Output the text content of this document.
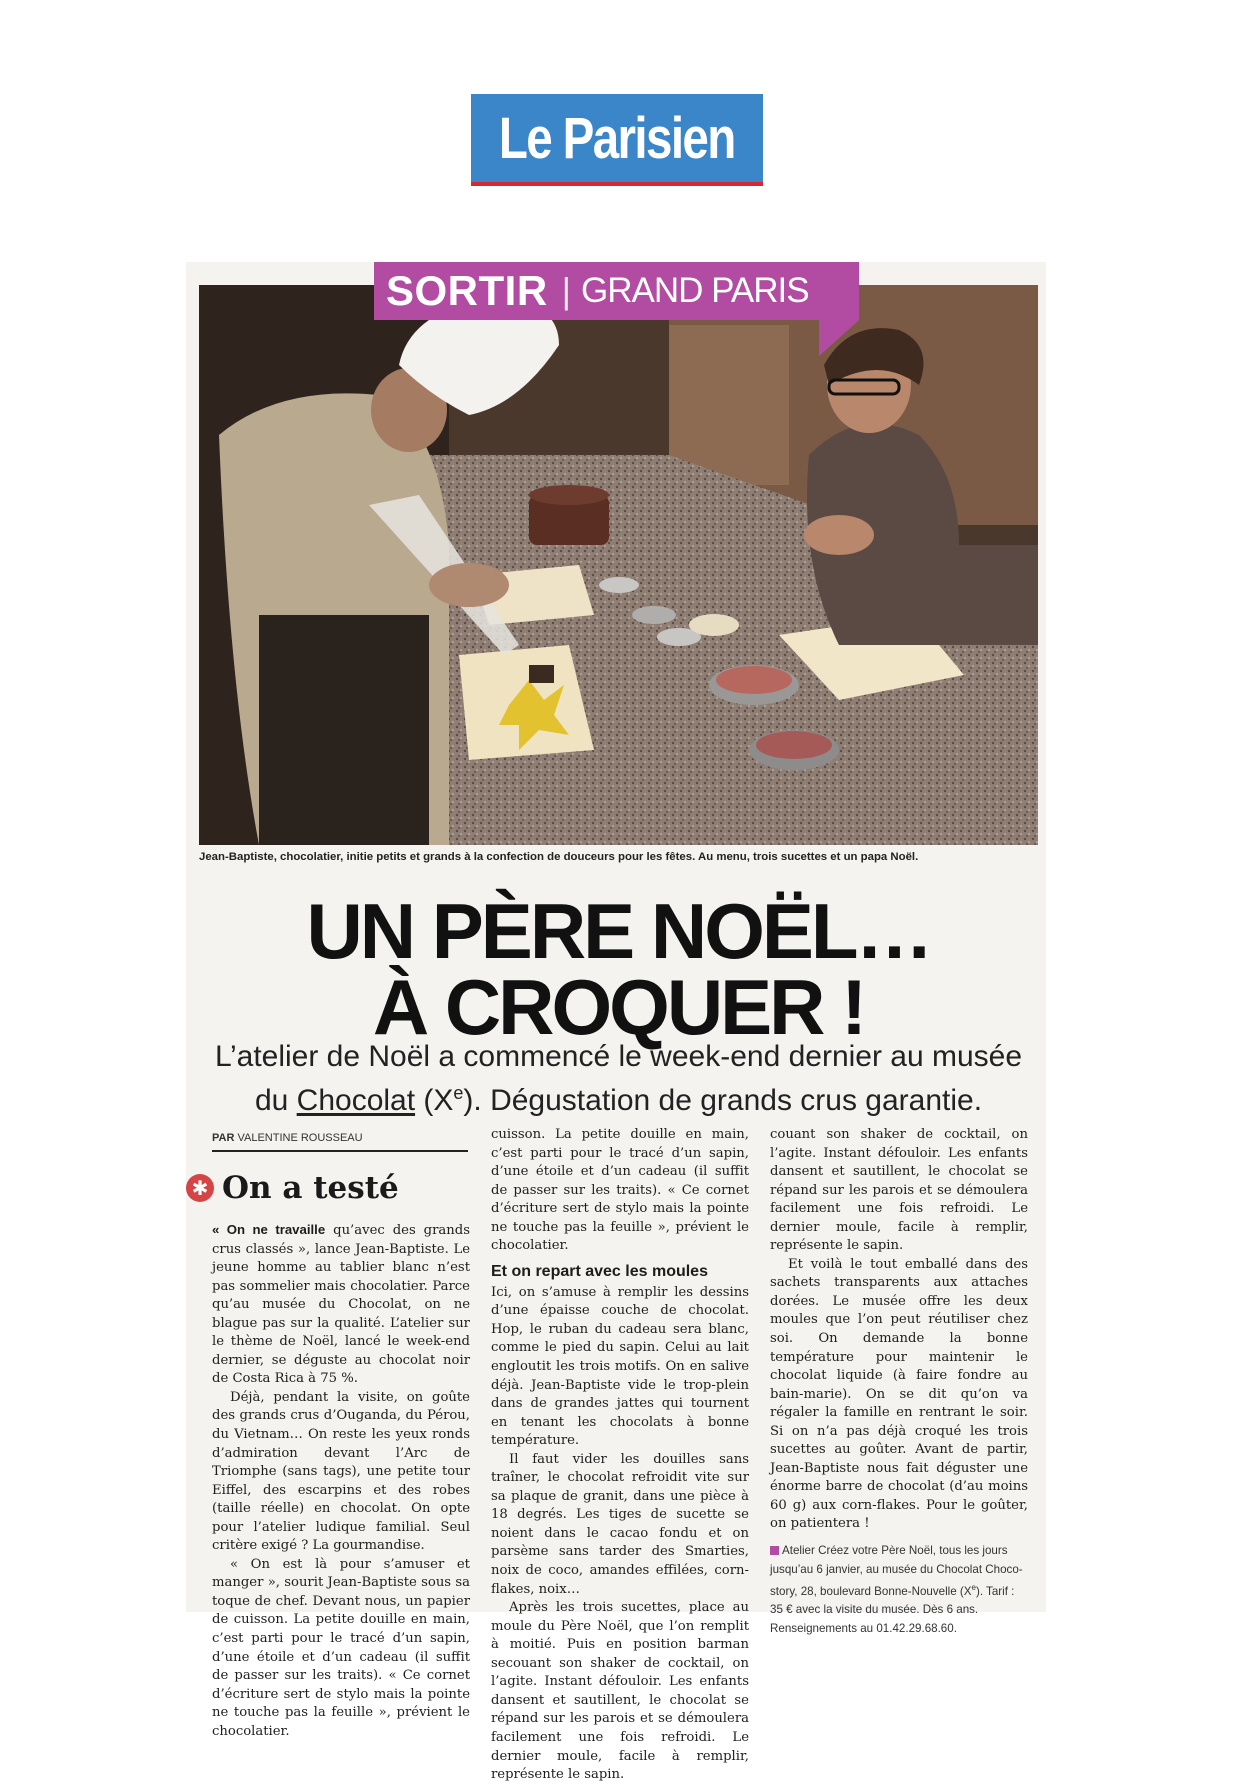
Le Parisien
SORTIR | GRAND PARIS
Jean-Baptiste, chocolatier, initie petits et grands à la confection de douceurs pour les fêtes. Au menu, trois sucettes et un papa Noël.
UN PÈRE NOËL…
À CROQUER !
L’atelier de Noël a commencé le week-end dernier au musée
du Chocolat (Xe). Dégustation de grands crus garantie.
PAR VALENTINE ROUSSEAU
✱ On a testé

« On ne travaille qu’avec des grands crus classés », lance Jean-Baptiste. Le jeune homme au tablier blanc n’est pas sommelier mais chocolatier. Parce qu’au musée du Chocolat, on ne blague pas sur la qualité. L’atelier sur le thème de Noël, lancé le week-end dernier, se déguste au chocolat noir de Costa Rica à 75 %.

Déjà, pendant la visite, on goûte des grands crus d’Ouganda, du Pérou, du Vietnam… On reste les yeux ronds d’admiration devant l’Arc de Triomphe (sans tags), une petite tour Eiffel, des escarpins et des robes (taille réelle) en chocolat. On opte pour l’atelier ludique familial. Seul critère exigé ? La gourmandise.

« On est là pour s’amuser et manger », sourit Jean-Baptiste sous sa toque de chef. Devant nous, un papier de cuisson. La petite douille en main, c’est parti pour le tracé d’un sapin, d’une étoile et d’un cadeau (il suffit de passer sur les traits). « Ce cornet d’écriture sert de stylo mais la pointe ne touche pas la feuille », prévient le chocolatier.

cuisson. La petite douille en main, c’est parti pour le tracé d’un sapin, d’une étoile et d’un cadeau (il suffit de passer sur les traits). « Ce cornet d’écriture sert de stylo mais la pointe ne touche pas la feuille », prévient le chocolatier.

Et on repart avec les moules

Ici, on s’amuse à remplir les dessins d’une épaisse couche de chocolat. Hop, le ruban du cadeau sera blanc, comme le pied du sapin. Celui au lait engloutit les trois motifs. On en salive déjà. Jean-Baptiste vide le trop-plein dans de grandes jattes qui tournent en tenant les chocolats à bonne température.

Il faut vider les douilles sans traîner, le chocolat refroidit vite sur sa plaque de granit, dans une pièce à 18 degrés. Les tiges de sucette se noient dans le cacao fondu et on parsème sans tarder des Smarties, noix de coco, amandes effilées, corn-flakes, noix…

Après les trois sucettes, place au moule du Père Noël, que l’on remplit à moitié. Puis en position barman secouant son shaker de cocktail, on l’agite. Instant défouloir. Les enfants dansent et sautillent, le chocolat se répand sur les parois et se démoulera facilement une fois refroidi. Le dernier moule, facile à remplir, représente le sapin.

couant son shaker de cocktail, on l’agite. Instant défouloir. Les enfants dansent et sautillent, le chocolat se répand sur les parois et se démoulera facilement une fois refroidi. Le dernier moule, facile à remplir, représente le sapin.

Et voilà le tout emballé dans des sachets transparents aux attaches dorées. Le musée offre les deux moules que l’on peut réutiliser chez soi. On demande la bonne température pour maintenir le chocolat liquide (à faire fondre au bain-marie). On se dit qu’on va régaler la famille en rentrant le soir. Si on n’a pas déjà croqué les trois sucettes au goûter. Avant de partir, Jean-Baptiste nous fait déguster une énorme barre de chocolat (d’au moins 60 g) aux corn-flakes. Pour le goûter, on patientera !

Atelier Créez votre Père Noël, tous les jours jusqu’au 6 janvier, au musée du Chocolat Choco-story, 28, boulevard Bonne-Nouvelle (Xe). Tarif : 35 € avec la visite du musée. Dès 6 ans. Renseignements au 01.42.29.68.60.
